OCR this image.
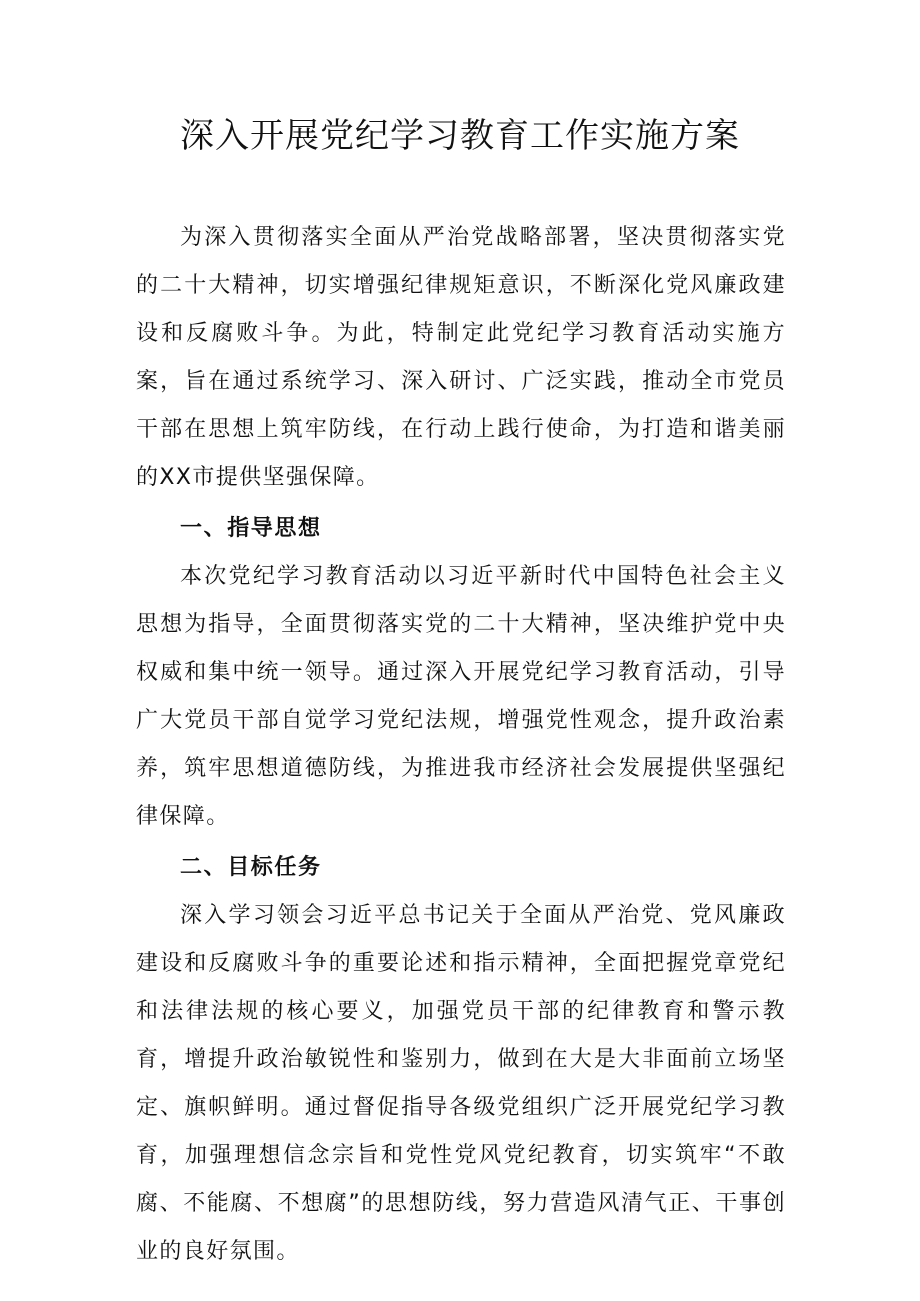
深入开展党纪学习教育工作实施方案

为深入贯彻落实全面从严治党战略部署，坚决贯彻落实党的二十大精神，切实增强纪律规矩意识，不断深化党风廉政建设和反腐败斗争。为此，特制定此党纪学习教育活动实施方案，旨在通过系统学习、深入研讨、广泛实践，推动全市党员干部在思想上筑牢防线，在行动上践行使命，为打造和谐美丽的XX市提供坚强保障。

一、指导思想

本次党纪学习教育活动以习近平新时代中国特色社会主义思想为指导，全面贯彻落实党的二十大精神，坚决维护党中央权威和集中统一领导。通过深入开展党纪学习教育活动，引导广大党员干部自觉学习党纪法规，增强党性观念，提升政治素养，筑牢思想道德防线，为推进我市经济社会发展提供坚强纪律保障。

二、目标任务

深入学习领会习近平总书记关于全面从严治党、党风廉政建设和反腐败斗争的重要论述和指示精神，全面把握党章党纪和法律法规的核心要义，加强党员干部的纪律教育和警示教育，增提升政治敏锐性和鉴别力，做到在大是大非面前立场坚定、旗帜鲜明。通过督促指导各级党组织广泛开展党纪学习教育，加强理想信念宗旨和党性党风党纪教育，切实筑牢“不敢腐、不能腐、不想腐”的思想防线，努力营造风清气正、干事创业的良好氛围。
